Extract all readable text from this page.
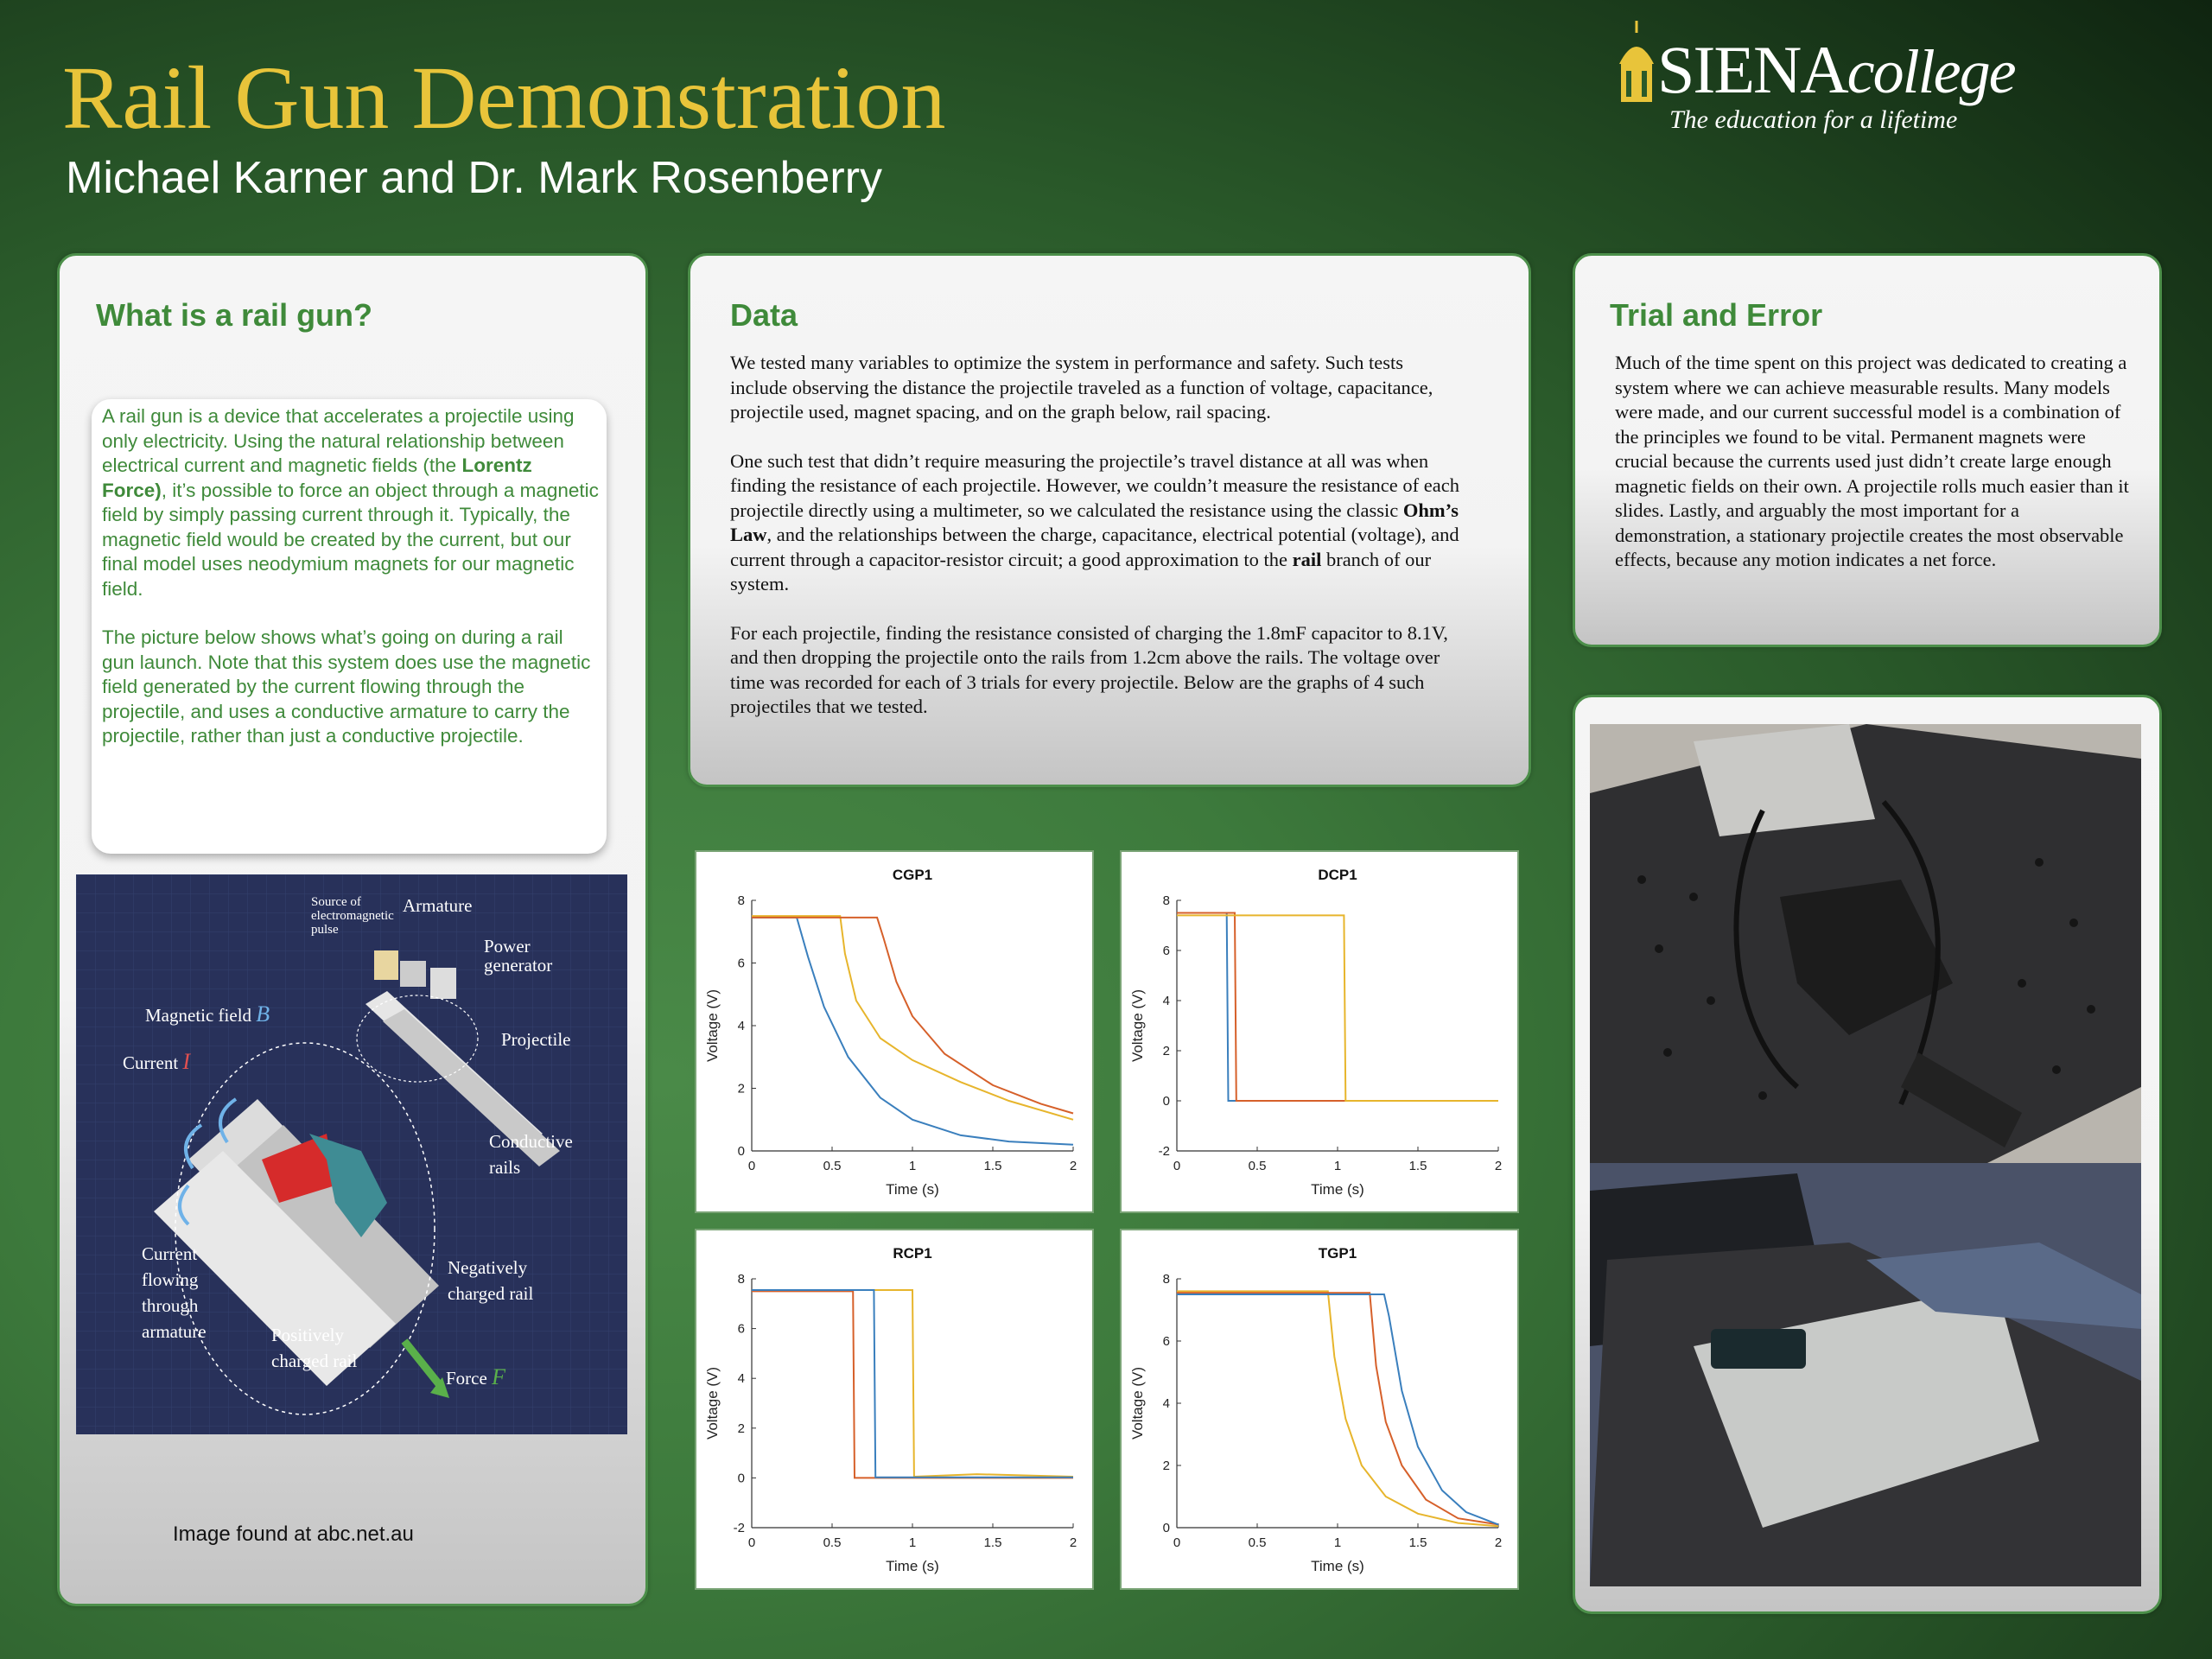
Rail Gun Demonstration
Michael Karner and Dr. Mark Rosenberry
SIENAcollege
The education for a lifetime
What is a rail gun?

A rail gun is a device that accelerates a projectile using only electricity. Using the natural relationship between electrical current and magnetic fields (the Lorentz Force), it’s possible to force an object through a magnetic field by simply passing current through it. Typically, the magnetic field would be created by the current, but our final model uses neodymium magnets for our magnetic field.

The picture below shows what’s going on during a rail gun launch. Note that this system does use the magnetic field generated by the current flowing through the projectile, and uses a conductive armature to carry the projectile, rather than just a conductive projectile.

Source of
electromagnetic
pulse
Armature
Power
generator
Magnetic field B
Current I
Projectile
Conductive
rails
Current
flowing
through
armature
Negatively
charged rail
Positively
charged rail
Force F
Image found at abc.net.au
Data

We tested many variables to optimize the system in performance and safety. Such tests include observing the distance the projectile traveled as a function of voltage, capacitance, projectile used, magnet spacing, and on the graph below, rail spacing.

One such test that didn’t require measuring the projectile’s travel distance at all was when finding the resistance of each projectile. However, we couldn’t measure the resistance of each projectile directly using a multimeter, so we calculated the resistance using the classic Ohm’s Law, and the relationships between the charge, capacitance, electrical potential (voltage), and current through a capacitor-resistor circuit; a good approximation to the rail branch of our system.

For each projectile, finding the resistance consisted of charging the 1.8mF capacitor to 8.1V, and then dropping the projectile onto the rails from 1.2cm above the rails. The voltage over time was recorded for each of 3 trials for every projectile. Below are the graphs of 4 such projectiles that we tested.

CGP1
0	0.5	1	1.5	2
0
2
4
6
8
Time (s)
Voltage (V)
DCP1
0	0.5	1	1.5	2
-2
0
2
4
6
8
Time (s)
Voltage (V)
RCP1
0	0.5	1	1.5	2
-2
0
2
4
6
8
Time (s)
Voltage (V)
TGP1
0	0.5	1	1.5	2
0
2
4
6
8
Time (s)
Voltage (V)
Trial and Error
Much of the time spent on this project was dedicated to creating a system where we can achieve measurable results. Many models were made, and our current successful model is a combination of the principles we found to be vital. Permanent magnets were crucial because the currents used just didn’t create large enough magnetic fields on their own. A projectile rolls much easier than it slides. Lastly, and arguably the most important for a demonstration, a stationary projectile creates the most observable effects, because any motion indicates a net force.
